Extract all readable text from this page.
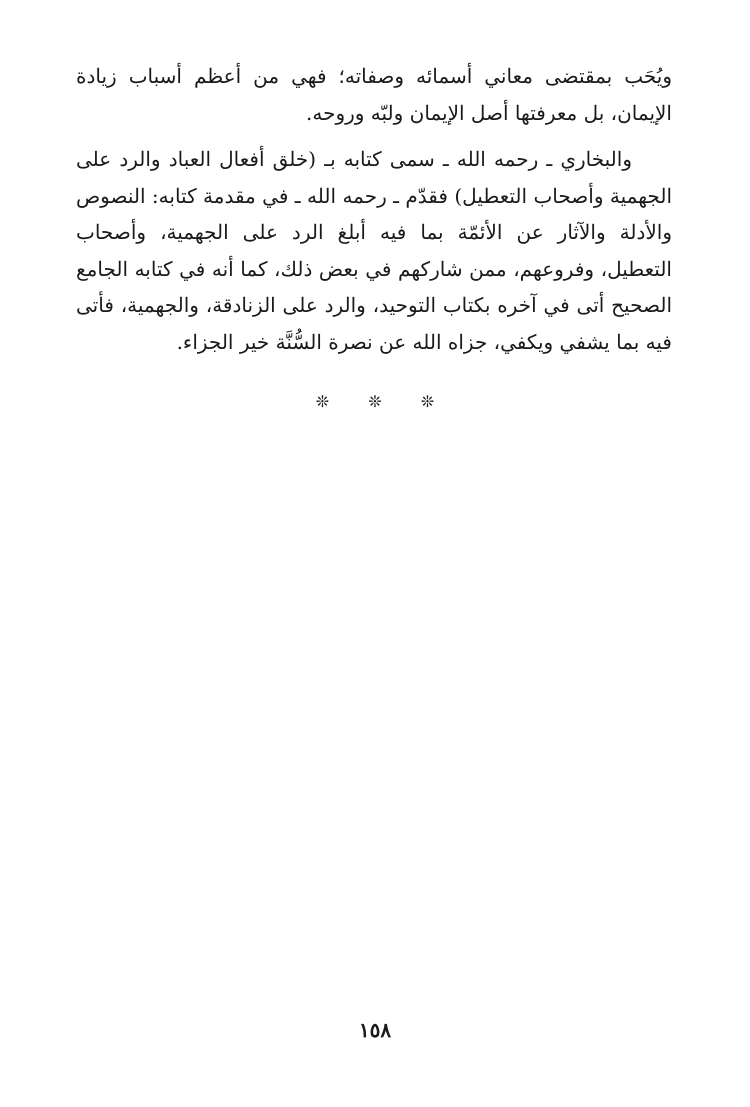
ويُحَب بمقتضى معاني أسمائه وصفاته؛ فهي من أعظم أسباب زيادة الإيمان، بل معرفتها أصل الإيمان ولبّه وروحه.

والبخاري ـ رحمه الله ـ سمى كتابه بـ (خلق أفعال العباد والرد على الجهمية وأصحاب التعطيل) فقدّم ـ رحمه الله ـ في مقدمة كتابه: النصوص والأدلة والآثار عن الأئمّة بما فيه أبلغ الرد على الجهمية، وأصحاب التعطيل، وفروعهم، ممن شاركهم في بعض ذلك، كما أنه في كتابه الجامع الصحيح أتى في آخره بكتاب التوحيد، والرد على الزنادقة، والجهمية، فأتى فيه بما يشفي ويكفي، جزاه الله عن نصرة السُّنَّة خير الجزاء.

❊ ❊ ❊
١٥٨
